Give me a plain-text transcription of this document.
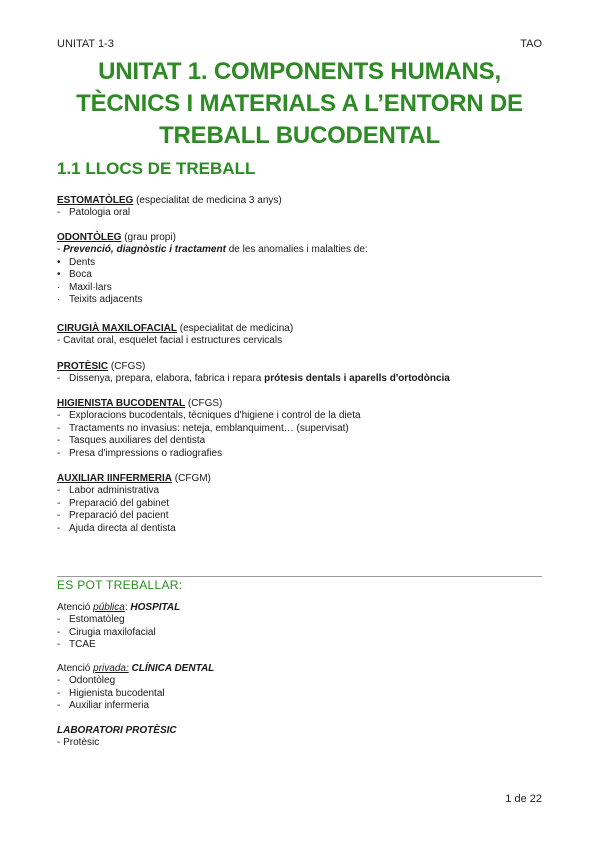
UNITAT 1-3	TAO
UNITAT 1. COMPONENTS HUMANS,
TÈCNICS I MATERIALS A L’ENTORN DE
TREBALL BUCODENTAL
1.1 LLOCS DE TREBALL
ESTOMATÒLEG (especialitat de medicina 3 anys)
- Patologia oral
ODONTÒLEG (grau propi)
- Prevenció, diagnòstic i tractament de les anomalies i malalties de:
• Dents
• Boca
· Maxil·lars
· Teixits adjacents
CIRUGIÀ MAXILOFACIAL (especialitat de medicina)
- Cavitat oral, esquelet facial i estructures cervicals
PROTÈSIC (CFGS)
- Dissenya, prepara, elabora, fabrica i repara prótesis dentals i aparells d'ortodòncia
HIGIENISTA BUCODENTAL (CFGS)
- Exploracions bucodentals, tècniques d'higiene i control de la dieta
- Tractaments no invasius: neteja, emblanquiment… (supervisat)
- Tasques auxiliares del dentista
- Presa d'impressions o radiografies
AUXILIAR IINFERMERIA (CFGM)
- Labor administrativa
- Preparació del gabinet
- Preparació del pacient
- Ajuda directa al dentista
ES POT TREBALLAR:
Atenció pública: HOSPITAL
- Estomatòleg
- Cirugia maxilofacial
- TCAE
Atenció privada: CLÍNICA DENTAL
- Odontòleg
- Higienista bucodental
- Auxiliar infermeria
LABORATORI PROTÈSIC
- Protèsic
1 de 22
